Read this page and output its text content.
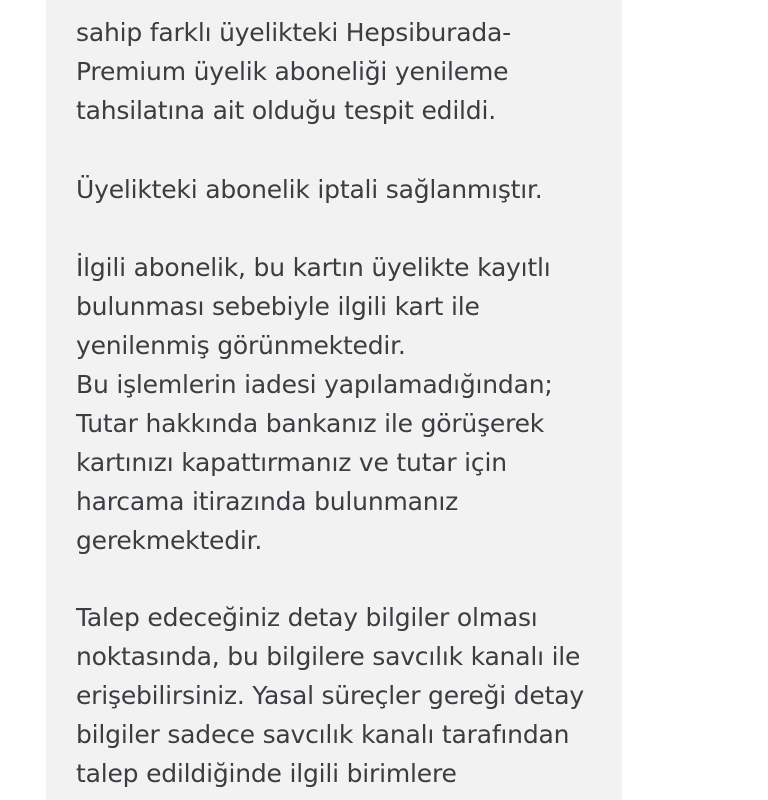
sahip farklı üyelikteki Hepsiburada-
Premium üyelik aboneliği yenileme
tahsilatına ait olduğu tespit edildi.
Üyelikteki abonelik iptali sağlanmıştır.
İlgili abonelik, bu kartın üyelikte kayıtlı
bulunması sebebiyle ilgili kart ile
yenilenmiş görünmektedir.
Bu işlemlerin iadesi yapılamadığından;
Tutar hakkında bankanız ile görüşerek
kartınızı kapattırmanız ve tutar için
harcama itirazında bulunmanız
gerekmektedir.
Talep edeceğiniz detay bilgiler olması
noktasında, bu bilgilere savcılık kanalı ile
erişebilirsiniz. Yasal süreçler gereği detay
bilgiler sadece savcılık kanalı tarafından
talep edildiğinde ilgili birimlere
